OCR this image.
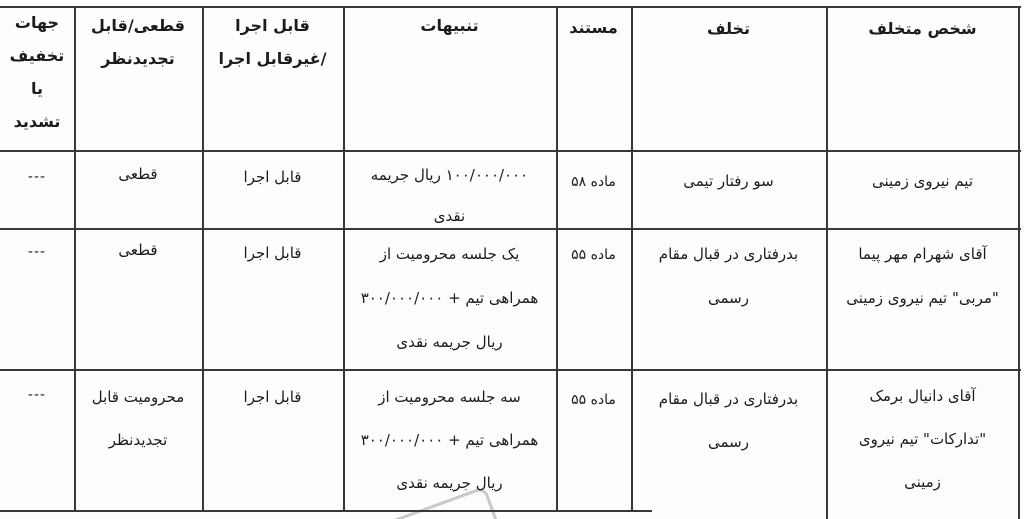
شخص متخلف
تخلف
مستند
تنبیهات
قابل اجرا
/غیرقابل اجرا
قطعی/قابل
تجدیدنظر
جهات
تخفیف
یا
تشدید
تیم نیروی زمینی
سو رفتار تیمی
ماده ۵۸
۱۰۰/۰۰۰/۰۰۰ ریال جریمه
نقدی
قابل اجرا
قطعی
---
آقای شهرام مهر پیما
"مربی" تیم نیروی زمینی
بدرفتاری در قبال مقام
رسمی
ماده ۵۵
یک جلسه محرومیت از
همراهی تیم + ۳۰۰/۰۰۰/۰۰۰
ریال جریمه نقدی
قابل اجرا
قطعی
---
آقای دانیال برمک
"تدارکات" تیم نیروی
زمینی
بدرفتاری در قبال مقام
رسمی
ماده ۵۵
سه جلسه محرومیت از
همراهی تیم + ۳۰۰/۰۰۰/۰۰۰
ریال جریمه نقدی
قابل اجرا
محرومیت قابل
تجدیدنظر
---
